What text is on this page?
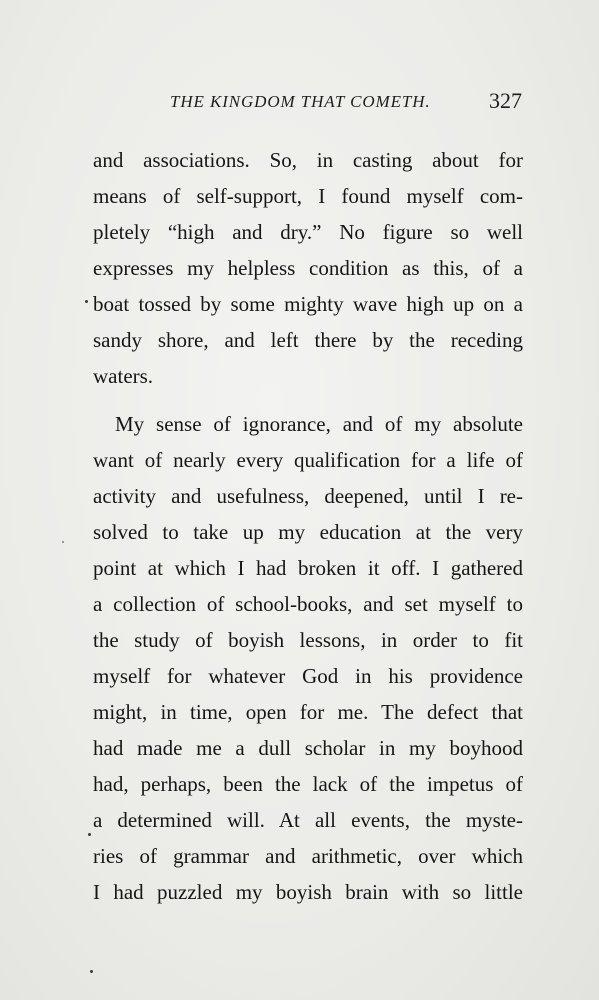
THE KINGDOM THAT COMETH.	327
and associations. So, in casting about for
means of self-support, I found myself com-
pletely “high and dry.” No figure so well
expresses my helpless condition as this, of a
boat tossed by some mighty wave high up on a
sandy shore, and left there by the receding
waters.
My sense of ignorance, and of my absolute
want of nearly every qualification for a life of
activity and usefulness, deepened, until I re-
solved to take up my education at the very
point at which I had broken it off. I gathered
a collection of school-books, and set myself to
the study of boyish lessons, in order to fit
myself for whatever God in his providence
might, in time, open for me. The defect that
had made me a dull scholar in my boyhood
had, perhaps, been the lack of the impetus of
a determined will. At all events, the myste-
ries of grammar and arithmetic, over which
I had puzzled my boyish brain with so little
